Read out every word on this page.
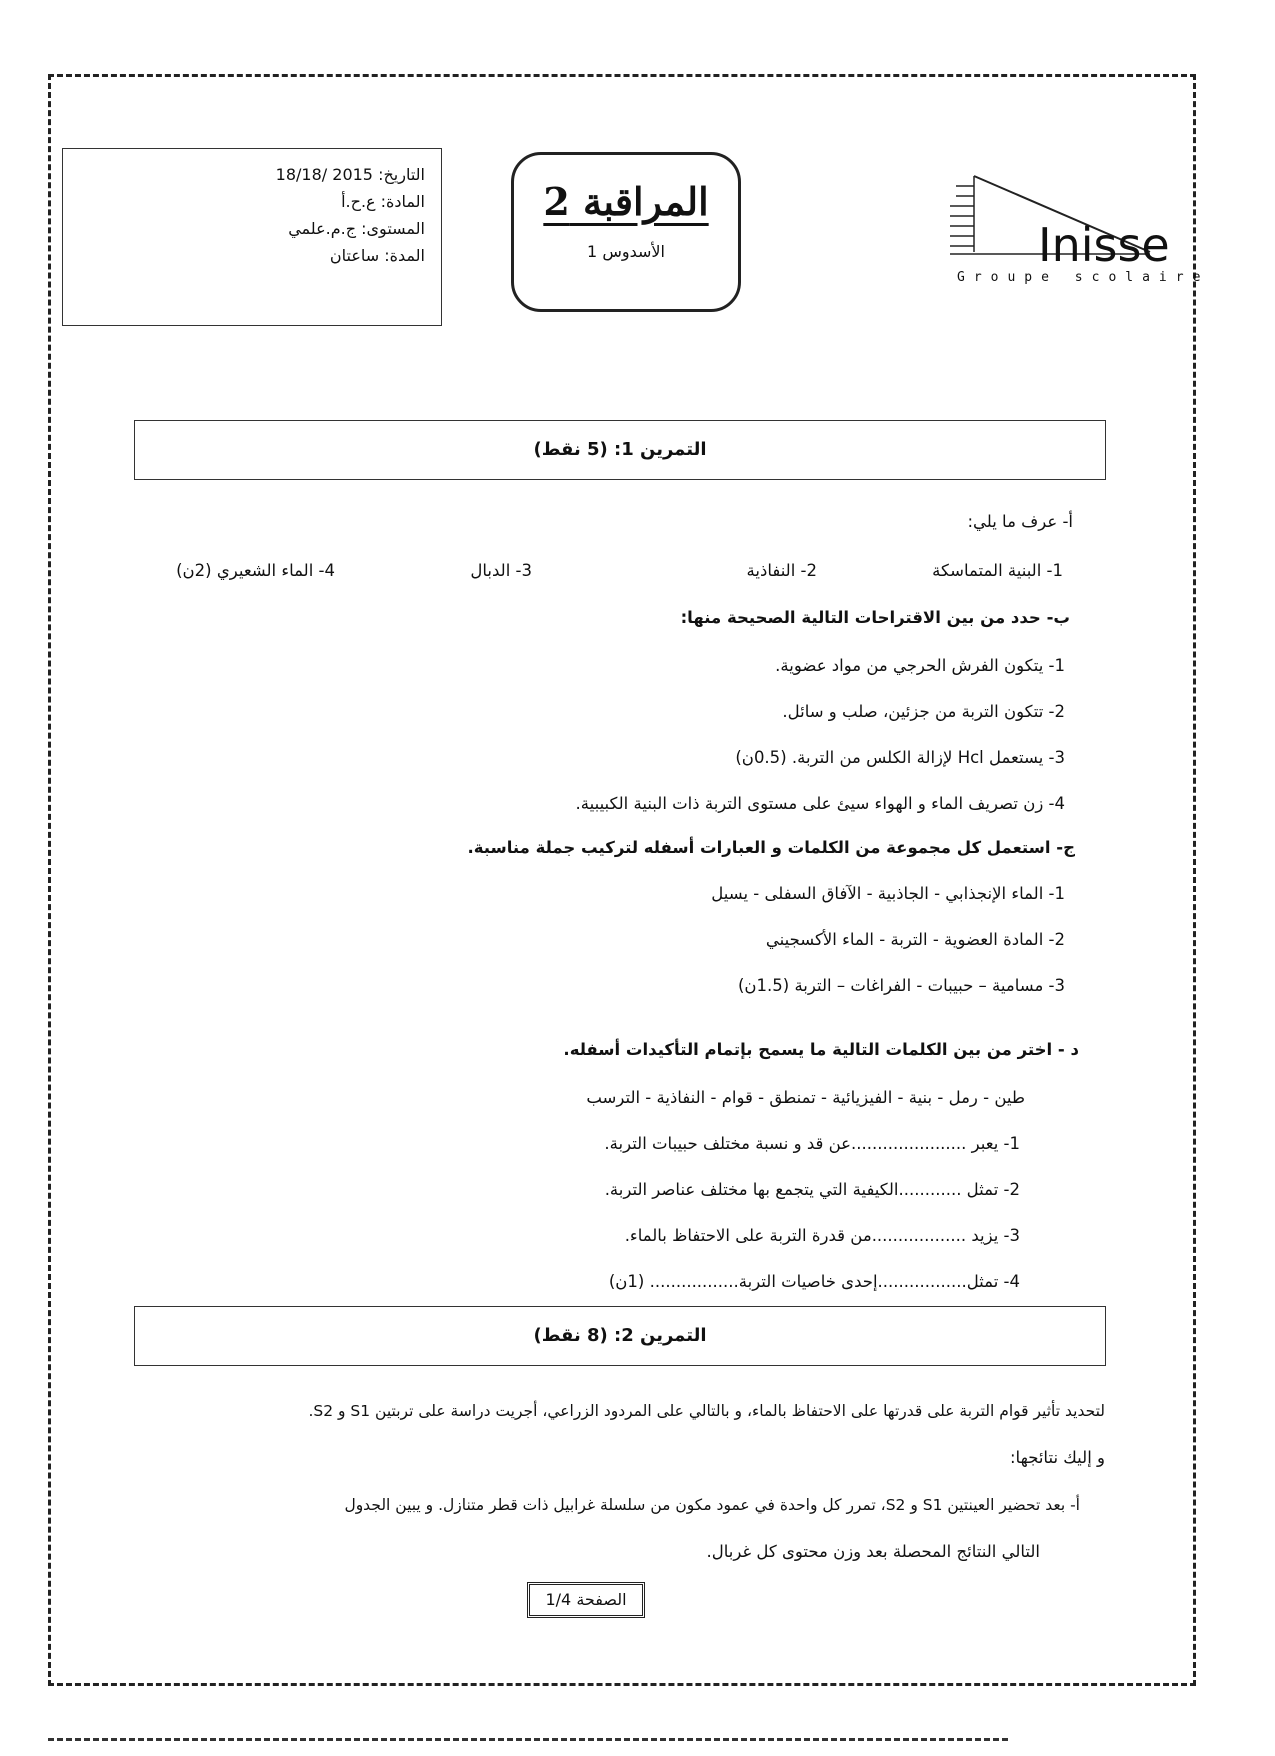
التاريخ: 2015 /18/18
المادة: ع.ح.أ
المستوى: ج.م.علمي
المدة: ساعتان
المراقبة 2
الأسدوس 1	Inisse
Groupe scolaire
التمرين 1: (5 نقط)
أ- عرف ما يلي:
1- البنية المتماسكة
2- النفاذية
3- الدبال
4- الماء الشعيري (2ن)
ب- حدد من بين الاقتراحات التالية الصحيحة منها:
1- يتكون الفرش الحرجي من مواد عضوية.
2- تتكون التربة من جزئين، صلب و سائل.
3- يستعمل Hcl لإزالة الكلس من التربة. (0.5ن)
4- زن تصريف الماء و الهواء سيئ على مستوى التربة ذات البنية الكبيبية.
ج- استعمل كل مجموعة من الكلمات و العبارات أسفله لتركيب جملة مناسبة.
1- الماء الإنجذابي - الجاذبية - الآفاق السفلى - يسيل
2- المادة العضوية - التربة - الماء الأكسجيني
3- مسامية – حبيبات - الفراغات – التربة (1.5ن)
د - اختر من بين الكلمات التالية ما يسمح بإتمام التأكيدات أسفله.
طين - رمل - بنية - الفيزيائية - تمنطق - قوام - النفاذية - الترسب
1- يعبر ......................عن قد و نسبة مختلف حبيبات التربة.
2- تمثل ............الكيفية التي يتجمع بها مختلف عناصر التربة.
3- يزيد ..................من قدرة التربة على الاحتفاظ بالماء.
4- تمثل.................إحدى خاصيات التربة................. (1ن)
التمرين 2: (8 نقط)
لتحديد تأثير قوام التربة على قدرتها على الاحتفاظ بالماء، و بالتالي على المردود الزراعي، أجريت دراسة على تربتين S1 و S2.
و إليك نتائجها:
أ- بعد تحضير العينتين S1 و S2، تمرر كل واحدة في عمود مكون من سلسلة غرابيل ذات قطر متنازل. و يبين الجدول
التالي النتائج المحصلة بعد وزن محتوى كل غربال.
الصفحة 1/4
